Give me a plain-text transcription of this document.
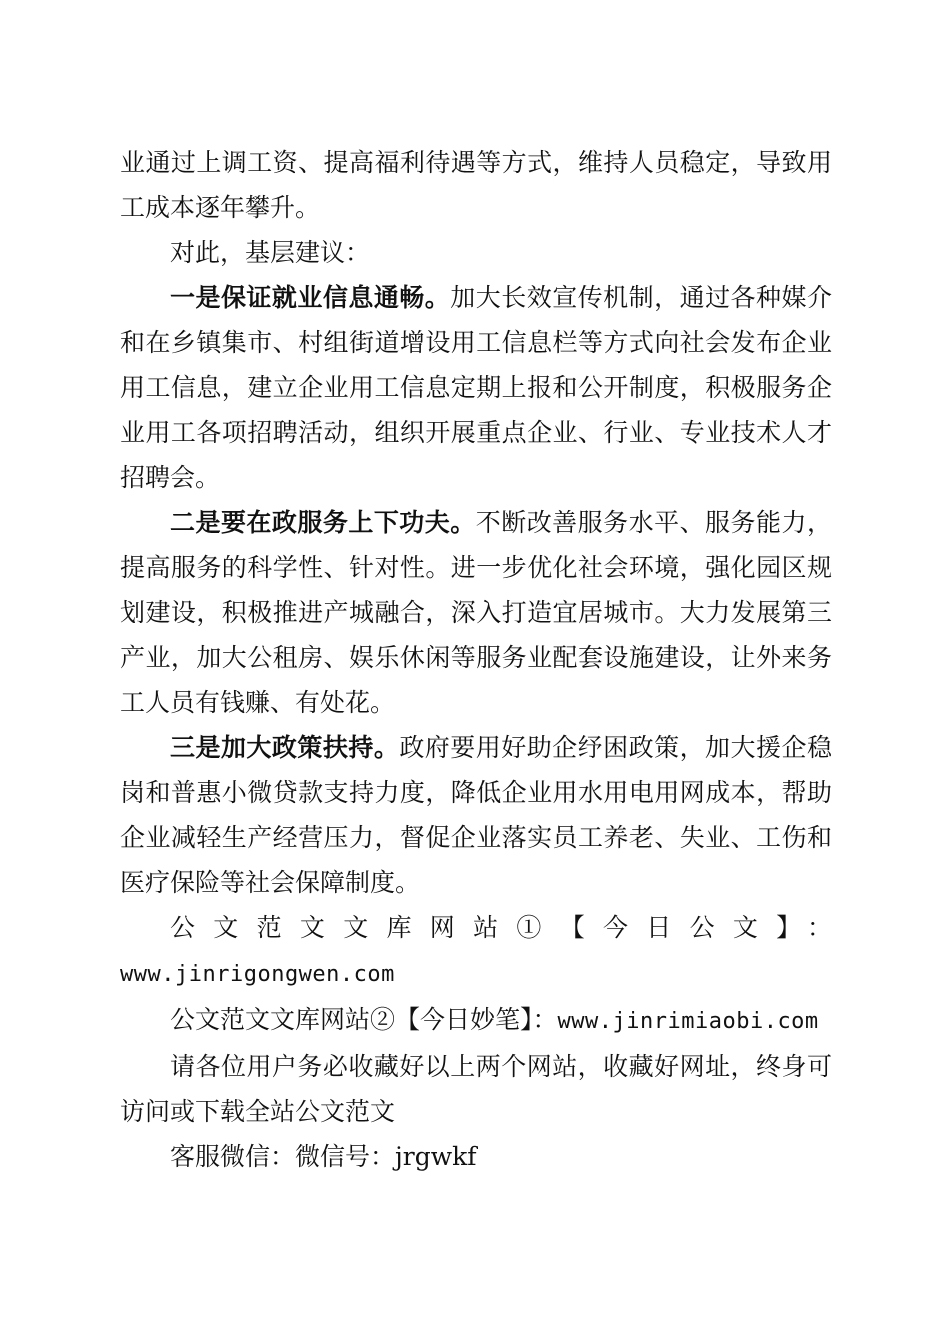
业通过上调工资、提高福利待遇等方式，维持人员稳定，导致用工成本逐年攀升。

对此，基层建议：

一是保证就业信息通畅。加大长效宣传机制，通过各种媒介和在乡镇集市、村组街道增设用工信息栏等方式向社会发布企业用工信息，建立企业用工信息定期上报和公开制度，积极服务企业用工各项招聘活动，组织开展重点企业、行业、专业技术人才招聘会。

二是要在政服务上下功夫。不断改善服务水平、服务能力，提高服务的科学性、针对性。进一步优化社会环境，强化园区规划建设，积极推进产城融合，深入打造宜居城市。大力发展第三产业，加大公租房、娱乐休闲等服务业配套设施建设，让外来务工人员有钱赚、有处花。

三是加大政策扶持。政府要用好助企纾困政策，加大援企稳岗和普惠小微贷款支持力度，降低企业用水用电用网成本，帮助企业减轻生产经营压力，督促企业落实员工养老、失业、工伤和医疗保险等社会保障制度。

公文范文文库网站①【今日公文】：

www.jinrigongwen.com

公文范文文库网站②【今日妙笔】：www.jinrimiaobi.com

请各位用户务必收藏好以上两个网站，收藏好网址，终身可访问或下载全站公文范文

客服微信：微信号：jrgwkf
